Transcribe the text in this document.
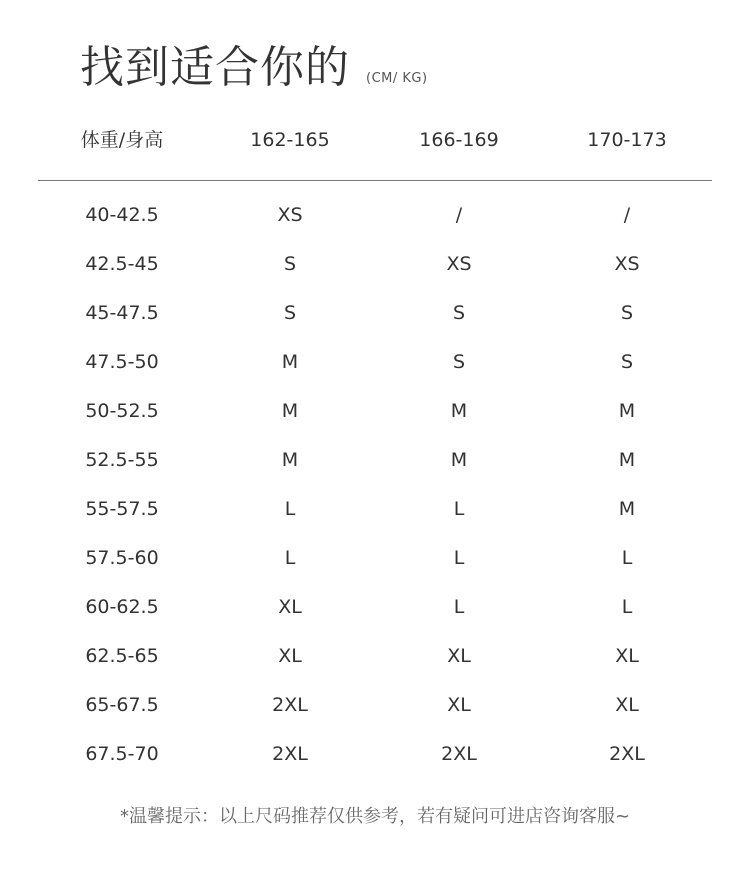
找到适合你的 (CM/ KG)
体重/身高	162-165	166-169	170-173
40-42.5	XS	/	/
42.5-45	S	XS	XS
45-47.5	S	S	S
47.5-50	M	S	S
50-52.5	M	M	M
52.5-55	M	M	M
55-57.5	L	L	M
57.5-60	L	L	L
60-62.5	XL	L	L
62.5-65	XL	XL	XL
65-67.5	2XL	XL	XL
67.5-70	2XL	2XL	2XL
*温馨提示：以上尺码推荐仅供参考，若有疑问可进店咨询客服~
